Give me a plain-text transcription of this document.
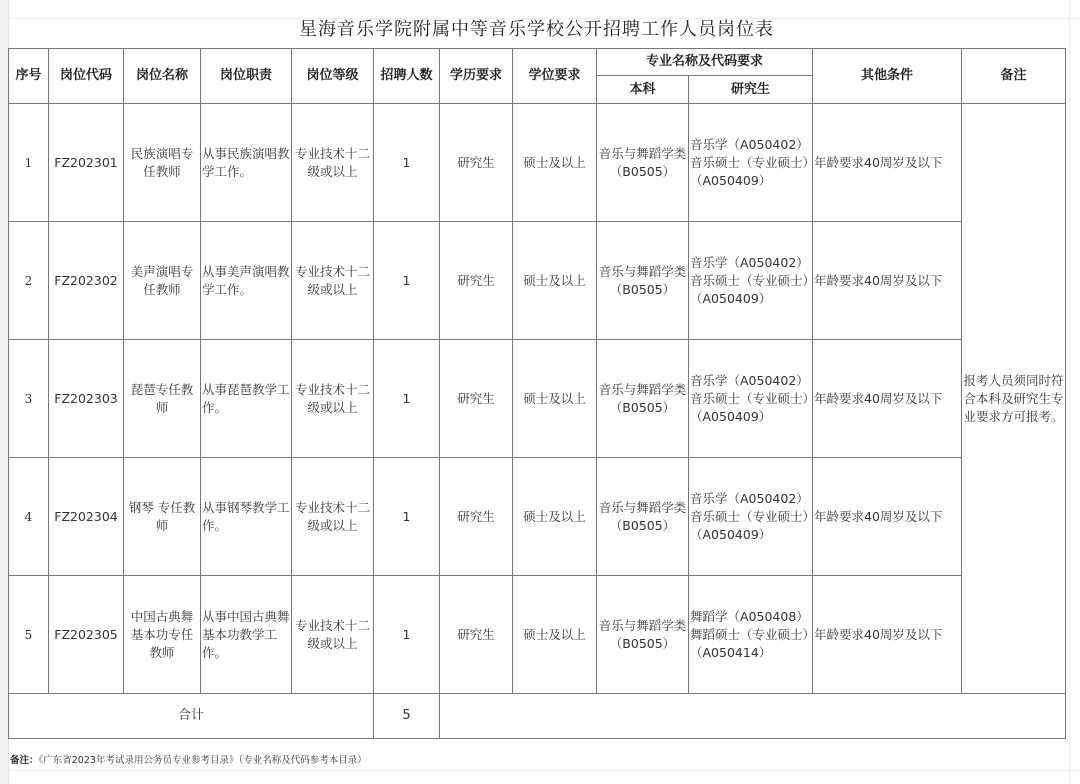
星海音乐学院附属中等音乐学校公开招聘工作人员岗位表
序号	岗位代码	岗位名称	岗位职责	岗位等级	招聘人数	学历要求	学位要求	专业名称及代码要求		其他条件	备注
								本科	研究生		
1	FZ202301	民族演唱专任教师	从事民族演唱教学工作。	专业技术十二级或以上	1	研究生	硕士及以上	音乐与舞蹈学类（B0505）	音乐学（A050402）音乐硕士（专业硕士）（A050409）	年龄要求40周岁及以下	报考人员须同时符合本科及研究生专业要求方可报考。
2	FZ202302	美声演唱专任教师	从事美声演唱教学工作。	专业技术十二级或以上	1	研究生	硕士及以上	音乐与舞蹈学类（B0505）	音乐学（A050402）音乐硕士（专业硕士）（A050409）	年龄要求40周岁及以下	
3	FZ202303	琵琶专任教师	从事琵琶教学工作。	专业技术十二级或以上	1	研究生	硕士及以上	音乐与舞蹈学类（B0505）	音乐学（A050402）音乐硕士（专业硕士）（A050409）	年龄要求40周岁及以下	
4	FZ202304	钢琴 专任教师	从事钢琴教学工作。	专业技术十二级或以上	1	研究生	硕士及以上	音乐与舞蹈学类（B0505）	音乐学（A050402）音乐硕士（专业硕士）（A050409）	年龄要求40周岁及以下	
5	FZ202305	中国古典舞基本功专任教师	从事中国古典舞基本功教学工作。	专业技术十二级或以上	1	研究生	硕士及以上	音乐与舞蹈学类（B0505）	舞蹈学（A050408）舞蹈硕士（专业硕士）（A050414）	年龄要求40周岁及以下	
合计					5						
备注：《广东省2023年考试录用公务员专业参考目录》（专业名称及代码参考本目录）
